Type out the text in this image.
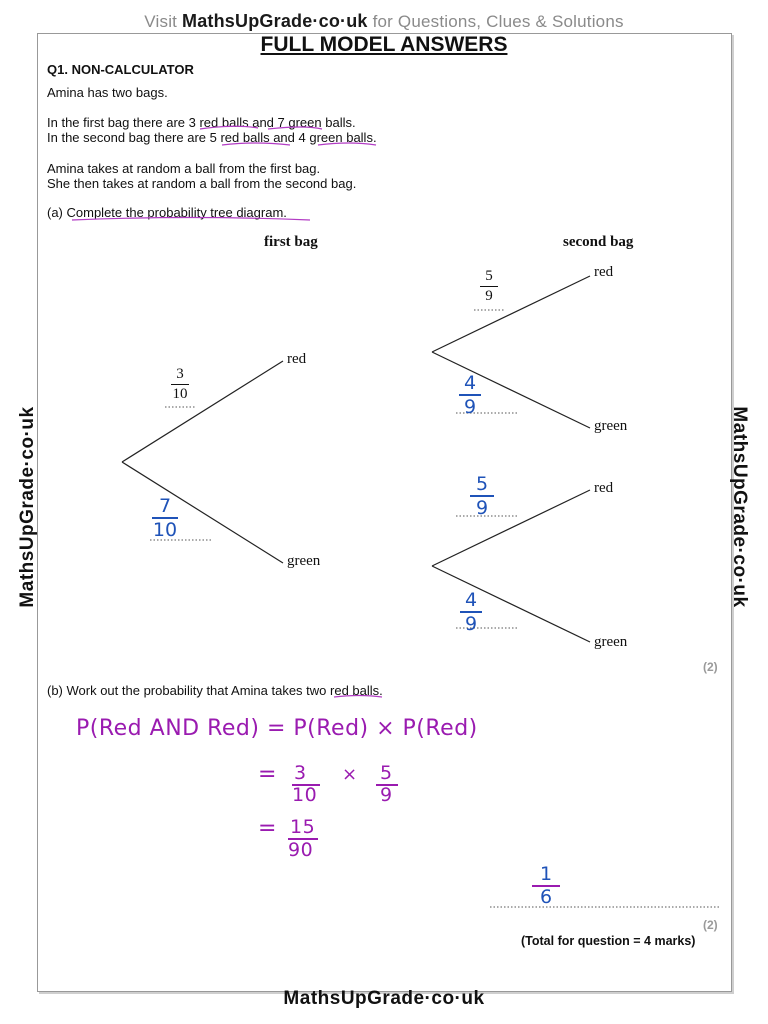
Visit MathsUpGrade·co·uk for Questions, Clues & Solutions
FULL MODEL ANSWERS
MathsUpGrade·co·uk	MathsUpGrade·co·uk
Q1. NON-CALCULATOR
Amina has two bags.
In the first bag there are 3 red balls and 7 green balls.
In the second bag there are 5 red balls and 4 green balls.
Amina takes at random a ball from the first bag.
She then takes at random a ball from the second bag.
(a) Complete the probability tree diagram.
first bag	second bag
3
10
red
green
7
10
5
9
red
4
9
green
5
9
red
4
9
green
(2)
(b) Work out the probability that Amina takes two red balls.
P(Red AND Red) = P(Red) × P(Red)
= 3
10
× 5
9
= 15
90
1
6
(2)
(Total for question = 4 marks)
MathsUpGrade·co·uk
